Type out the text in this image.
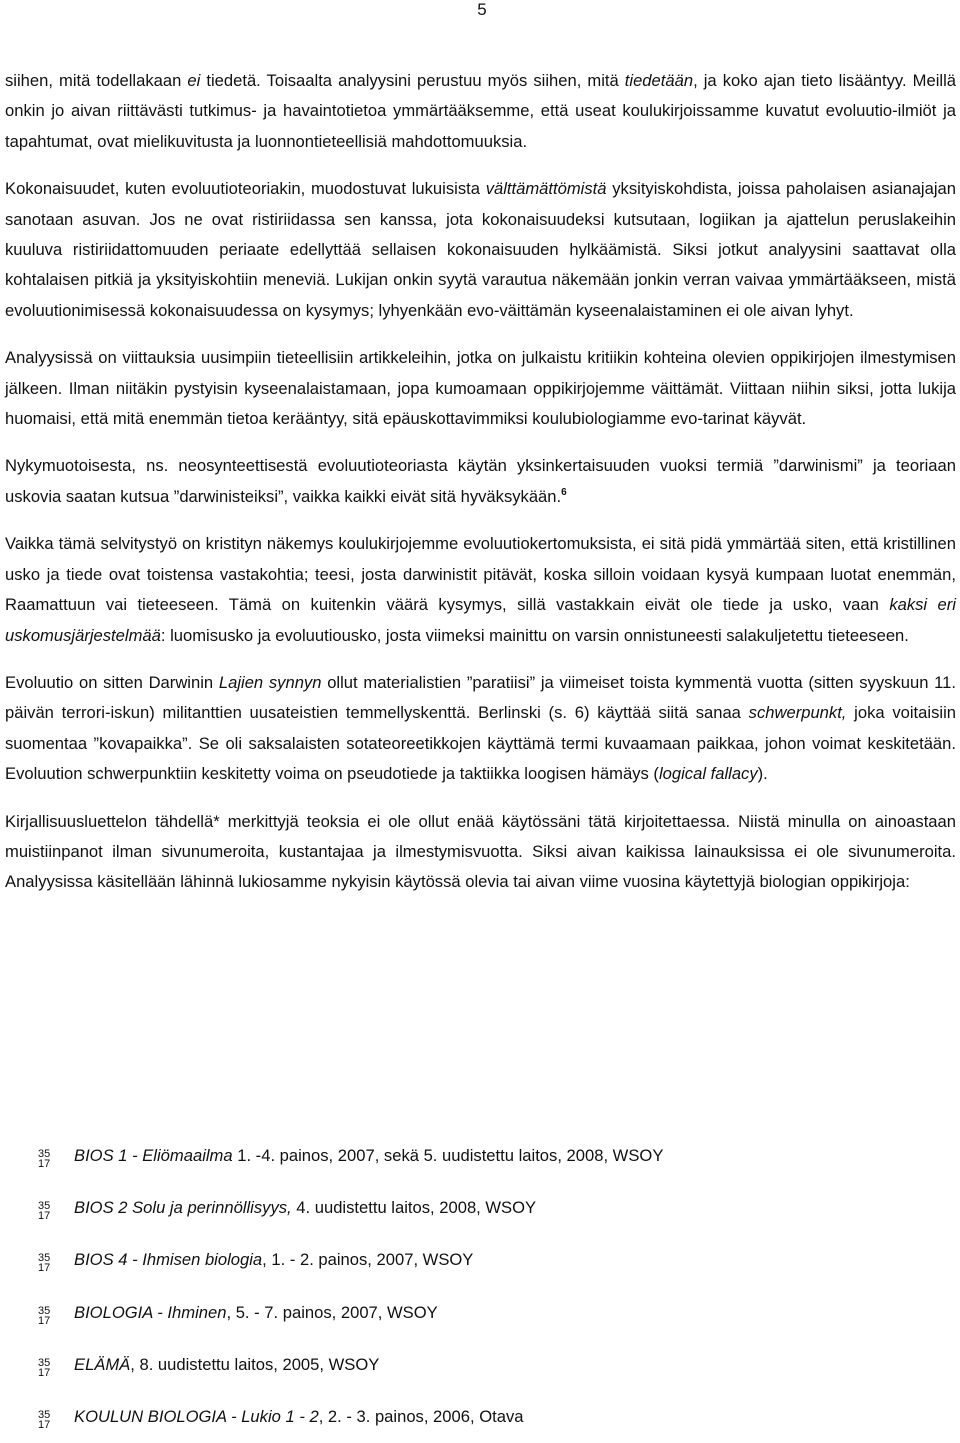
5

siihen, mitä todellakaan ei tiedetä. Toisaalta analyysini perustuu myös siihen, mitä tiedetään, ja koko ajan tieto lisääntyy. Meillä onkin jo aivan riittävästi tutkimus- ja havaintotietoa ymmärtääksemme, että useat koulukirjoissamme kuvatut evoluutio-ilmiöt ja tapahtumat, ovat mielikuvitusta ja luonnontieteellisiä mahdottomuuksia.

Kokonaisuudet, kuten evoluutioteoriakin, muodostuvat lukuisista välttämättömistä yksityiskohdista, joissa paholaisen asianajajan sanotaan asuvan. Jos ne ovat ristiriidassa sen kanssa, jota kokonaisuudeksi kutsutaan, logiikan ja ajattelun peruslakeihin kuuluva ristiriidattomuuden periaate edellyttää sellaisen kokonaisuuden hylkäämistä. Siksi jotkut analyysini saattavat olla kohtalaisen pitkiä ja yksityiskohtiin meneviä. Lukijan onkin syytä varautua näkemään jonkin verran vaivaa ymmärtääkseen, mistä evoluutionimisessä kokonaisuudessa on kysymys; lyhyenkään evo-väittämän kyseenalaistaminen ei ole aivan lyhyt.

Analyysissä on viittauksia uusimpiin tieteellisiin artikkeleihin, jotka on julkaistu kritiikin kohteina olevien oppikirjojen ilmestymisen jälkeen. Ilman niitäkin pystyisin kyseenalaistamaan, jopa kumoamaan oppikirjojemme väittämät. Viittaan niihin siksi, jotta lukija huomaisi, että mitä enemmän tietoa kerääntyy, sitä epäuskottavimmiksi koulubiologiamme evo-tarinat käyvät.

Nykymuotoisesta, ns. neosynteettisestä evoluutioteoriasta käytän yksinkertaisuuden vuoksi termiä ”darwinismi” ja teoriaan uskovia saatan kutsua ”darwinisteiksi”, vaikka kaikki eivät sitä hyväksykään.$^6$

Vaikka tämä selvitystyö on kristityn näkemys koulukirjojemme evoluutiokertomuksista, ei sitä pidä ymmärtää siten, että kristillinen usko ja tiede ovat toistensa vastakohtia; teesi, josta darwinistit pitävät, koska silloin voidaan kysyä kumpaan luotat enemmän, Raamattuun vai tieteeseen. Tämä on kuitenkin väärä kysymys, sillä vastakkain eivät ole tiede ja usko, vaan kaksi eri uskomusjärjestelmää: luomisusko ja evoluutiousko, josta viimeksi mainittu on varsin onnistuneesti salakuljetettu tieteeseen.

Evoluutio on sitten Darwinin Lajien synnyn ollut materialistien ”paratiisi” ja viimeiset toista kymmentä vuotta (sitten syyskuun 11. päivän terrori-iskun) militanttien uusateistien temmellyskenttä. Berlinski (s. 6) käyttää siitä sanaa schwerpunkt, joka voitaisiin suomentaa ”kovapaikka”. Se oli saksalaisten sotateoreetikkojen käyttämä termi kuvaamaan paikkaa, johon voimat keskitetään. Evoluution schwerpunktiin keskitetty voima on pseudotiede ja taktiikka loogisen hämäys (logical fallacy).

Kirjallisuusluettelon tähdellä* merkittyjä teoksia ei ole ollut enää käytössäni tätä kirjoitettaessa. Niistä minulla on ainoastaan muistiinpanot ilman sivunumeroita, kustantajaa ja ilmestymisvuotta. Siksi aivan kaikissa lainauksissa ei ole sivunumeroita. Analyysissa käsitellään lähinnä lukiosamme nykyisin käytössä olevia tai aivan viime vuosina käytettyjä biologian oppikirjoja:

35
17 BIOS 1 - Eliömaailma 1. -4. painos, 2007, sekä 5. uudistettu laitos, 2008, WSOY
35
17 BIOS 2 Solu ja perinnöllisyys, 4. uudistettu laitos, 2008, WSOY
35
17 BIOS 4 - Ihmisen biologia, 1. - 2. painos, 2007, WSOY
35
17 BIOLOGIA - Ihminen, 5. - 7. painos, 2007, WSOY
35
17 ELÄMÄ, 8. uudistettu laitos, 2005, WSOY
35
17 KOULUN BIOLOGIA - Lukio 1 - 2, 2. - 3. painos, 2006, Otava
